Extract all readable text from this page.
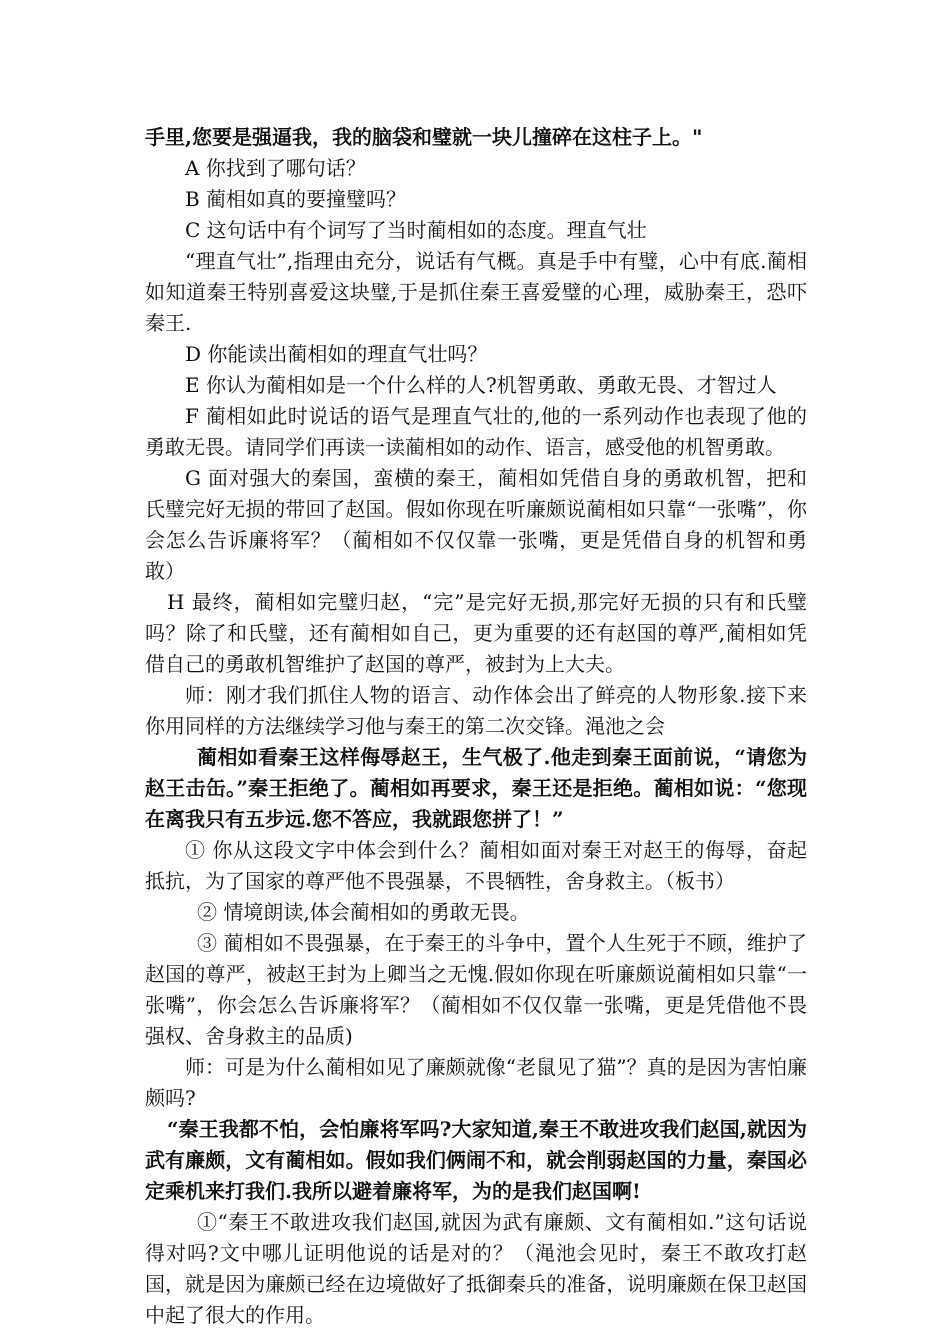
手里,您要是强逼我，我的脑袋和璧就一块儿撞碎在这柱子上。"

A 你找到了哪句话？

B 蔺相如真的要撞璧吗？

C 这句话中有个词写了当时蔺相如的态度。理直气壮

“理直气壮”,指理由充分，说话有气概。真是手中有璧，心中有底.蔺相如知道秦王特别喜爱这块璧,于是抓住秦王喜爱璧的心理，威胁秦王，恐吓秦王.

D 你能读出蔺相如的理直气壮吗？

E 你认为蔺相如是一个什么样的人?机智勇敢、勇敢无畏、才智过人

F 蔺相如此时说话的语气是理直气壮的,他的一系列动作也表现了他的勇敢无畏。请同学们再读一读蔺相如的动作、语言，感受他的机智勇敢。

G 面对强大的秦国，蛮横的秦王，蔺相如凭借自身的勇敢机智，把和氏璧完好无损的带回了赵国。假如你现在听廉颇说蔺相如只靠“一张嘴”，你会怎么告诉廉将军？（蔺相如不仅仅靠一张嘴，更是凭借自身的机智和勇敢）

H 最终，蔺相如完璧归赵，“完”是完好无损,那完好无损的只有和氏璧吗？除了和氏璧，还有蔺相如自己，更为重要的还有赵国的尊严,蔺相如凭借自己的勇敢机智维护了赵国的尊严，被封为上大夫。

师：刚才我们抓住人物的语言、动作体会出了鲜亮的人物形象.接下来你用同样的方法继续学习他与秦王的第二次交锋。渑池之会

蔺相如看秦王这样侮辱赵王，生气极了.他走到秦王面前说，“请您为赵王击缶。”秦王拒绝了。蔺相如再要求，秦王还是拒绝。蔺相如说：“您现在离我只有五步远.您不答应，我就跟您拼了！”

① 你从这段文字中体会到什么？蔺相如面对秦王对赵王的侮辱，奋起抵抗，为了国家的尊严他不畏强暴，不畏牺牲，舍身救主。（板书）

② 情境朗读,体会蔺相如的勇敢无畏。

③ 蔺相如不畏强暴，在于秦王的斗争中，置个人生死于不顾，维护了赵国的尊严，被赵王封为上卿当之无愧.假如你现在听廉颇说蔺相如只靠“一张嘴”，你会怎么告诉廉将军？（蔺相如不仅仅靠一张嘴，更是凭借他不畏强权、舍身救主的品质)

师：可是为什么蔺相如见了廉颇就像“老鼠见了猫”？真的是因为害怕廉颇吗?

“秦王我都不怕，会怕廉将军吗?大家知道,秦王不敢进攻我们赵国,就因为武有廉颇，文有蔺相如。假如我们俩闹不和，就会削弱赵国的力量，秦国必定乘机来打我们.我所以避着廉将军，为的是我们赵国啊!

①“秦王不敢进攻我们赵国,就因为武有廉颇、文有蔺相如.”这句话说得对吗?文中哪儿证明他说的话是对的？（渑池会见时，秦王不敢攻打赵国，就是因为廉颇已经在边境做好了抵御秦兵的准备，说明廉颇在保卫赵国中起了很大的作用。
